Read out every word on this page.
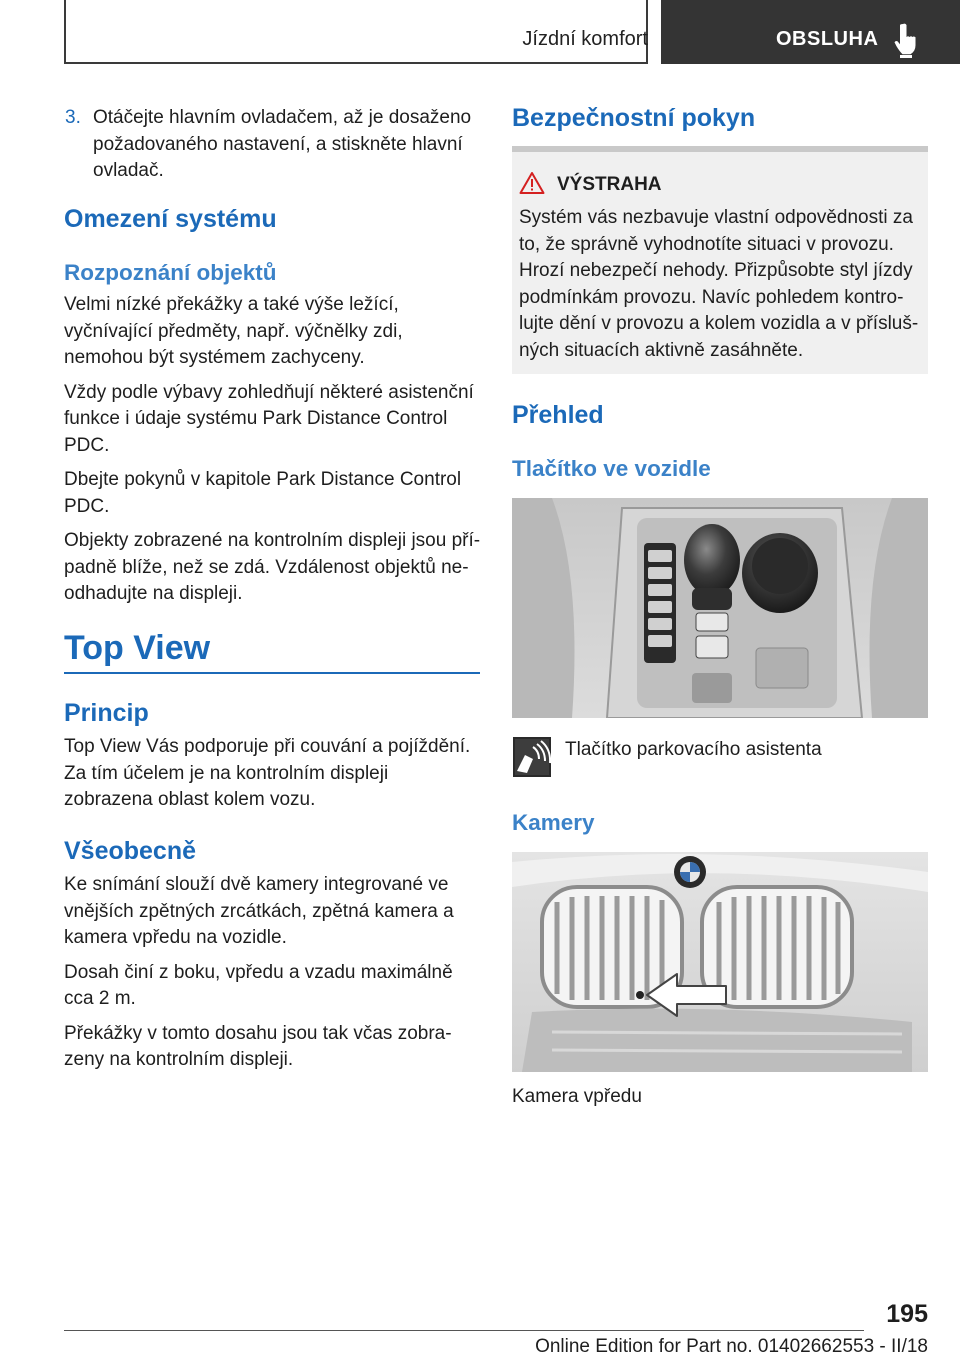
Jízdní komfort	OBSLUHA
3. Otáčejte hlavním ovladačem, až je dosaženo požadovaného nastavení, a stiskněte hlavní ovladač.
Omezení systému
Rozpoznání objektů

Velmi nízké překážky a také výše ležící, vyčnívající předměty, např. výčnělky zdi, nemohou být systémem zachyceny.

Vždy podle výbavy zohledňují některé asistenční funkce i údaje systému Park Distance Control PDC.

Dbejte pokynů v kapitole Park Distance Control PDC.

Objekty zobrazené na kontrolním displeji jsou případně blíže, než se zdá. Vzdálenost objektů neodhadujte na displeji.

Top View
Princip

Top View Vás podporuje při couvání a pojíždění. Za tím účelem je na kontrolním displeji zobrazena oblast kolem vozu.

Všeobecně

Ke snímání slouží dvě kamery integrované ve vnějších zpětných zrcátkách, zpětná kamera a kamera vpředu na vozidle.

Dosah činí z boku, vpředu a vzadu maximálně cca 2 m.

Překážky v tomto dosahu jsou tak včas zobrazeny na kontrolním displeji.

Bezpečnostní pokyn
VÝSTRAHA
Systém vás nezbavuje vlastní odpovědnosti za to, že správně vyhodnotíte situaci v provozu. Hrozí nebezpečí nehody. Přizpůsobte styl jízdy podmínkám provozu. Navíc pohledem kontrolujte dění v provozu a kolem vozidla a v příslušných situacích aktivně zasáhněte.
Přehled
Tlačítko ve vozidle
Tlačítko parkovacího asistenta
Kamery
Kamera vpředu
195
Online Edition for Part no. 01402662553 - II/18
